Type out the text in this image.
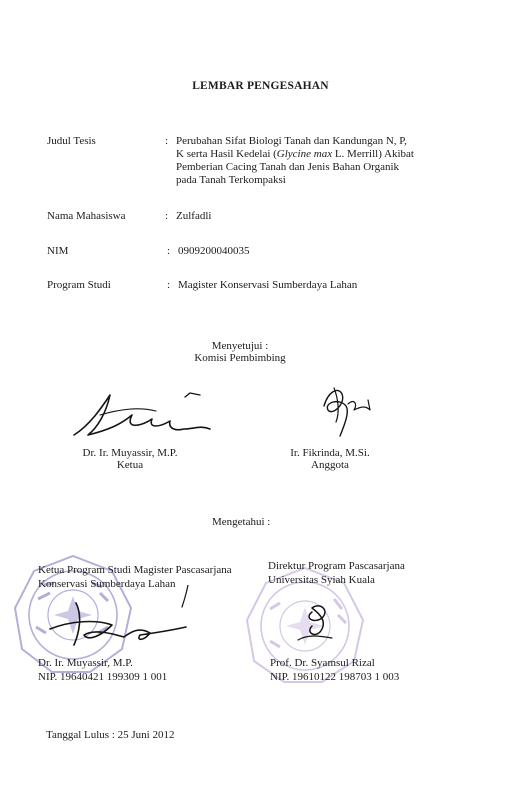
LEMBAR PENGESAHAN
Judul Tesis	: Perubahan Sifat Biologi Tanah dan Kandungan N, P,
K serta Hasil Kedelai (Glycine max L. Merrill) Akibat
Pemberian Cacing Tanah dan Jenis Bahan Organik
pada Tanah Terkompaksi
Nama Mahasiswa	: Zulfadli
NIM	: 0909200040035
Program Studi	: Magister Konservasi Sumberdaya Lahan
Menyetujui :
Komisi Pembimbing
Dr. Ir. Muyassir, M.P.
Ketua
Ir. Fikrinda, M.Si.
Anggota
Mengetahui :
Ketua Program Studi Magister Pascasarjana
Konservasi Sumberdaya Lahan
Direktur Program Pascasarjana
Universitas Syiah Kuala
Dr. Ir. Muyassir, M.P.
NIP. 19640421 199309 1 001
Prof. Dr. Syamsul Rizal
NIP. 19610122 198703 1 003
Tanggal Lulus : 25 Juni 2012
